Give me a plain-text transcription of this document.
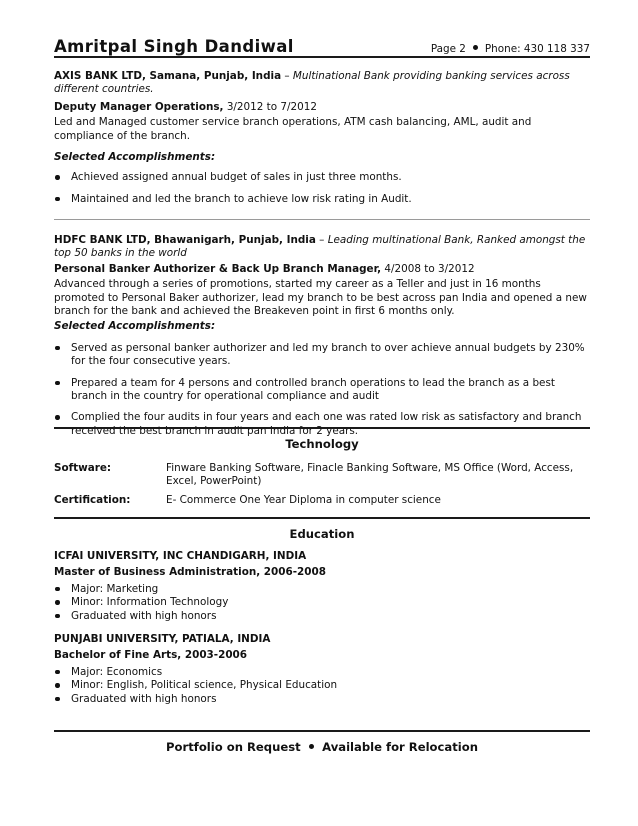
Amritpal Singh Dandiwal	Page 2 Phone: 430 118 337
AXIS BANK LTD, Samana, Punjab, India – Multinational Bank providing banking services across different countries.
Deputy Manager Operations, 3/2012 to 7/2012
Led and Managed customer service branch operations, ATM cash balancing, AML, audit and compliance of the branch.
Selected Accomplishments:
Achieved assigned annual budget of sales in just three months.
Maintained and led the branch to achieve low risk rating in Audit.
HDFC BANK LTD, Bhawanigarh, Punjab, India – Leading multinational Bank, Ranked amongst the top 50 banks in the world
Personal Banker Authorizer & Back Up Branch Manager, 4/2008 to 3/2012
Advanced through a series of promotions, started my career as a Teller and just in 16 months promoted to Personal Baker authorizer, lead my branch to be best across pan India and opened a new branch for the bank and achieved the Breakeven point in first 6 months only.
Selected Accomplishments:
Served as personal banker authorizer and led my branch to over achieve annual budgets by 230% for the four consecutive years.
Prepared a team for 4 persons and controlled branch operations to lead the branch as a best branch in the country for operational compliance and audit
Complied the four audits in four years and each one was rated low risk as satisfactory and branch received the best branch in audit pan India for 2 years.
Technology
Software:	Finware Banking Software, Finacle Banking Software, MS Office (Word, Access, Excel, PowerPoint)
Certification:	E- Commerce One Year Diploma in computer science
Education
ICFAI UNIVERSITY, INC CHANDIGARH, INDIA
Master of Business Administration, 2006-2008
Major: Marketing
Minor: Information Technology
Graduated with high honors
PUNJABI UNIVERSITY, PATIALA, INDIA
Bachelor of Fine Arts, 2003-2006
Major: Economics
Minor: English, Political science, Physical Education
Graduated with high honors
Portfolio on Request Available for Relocation
